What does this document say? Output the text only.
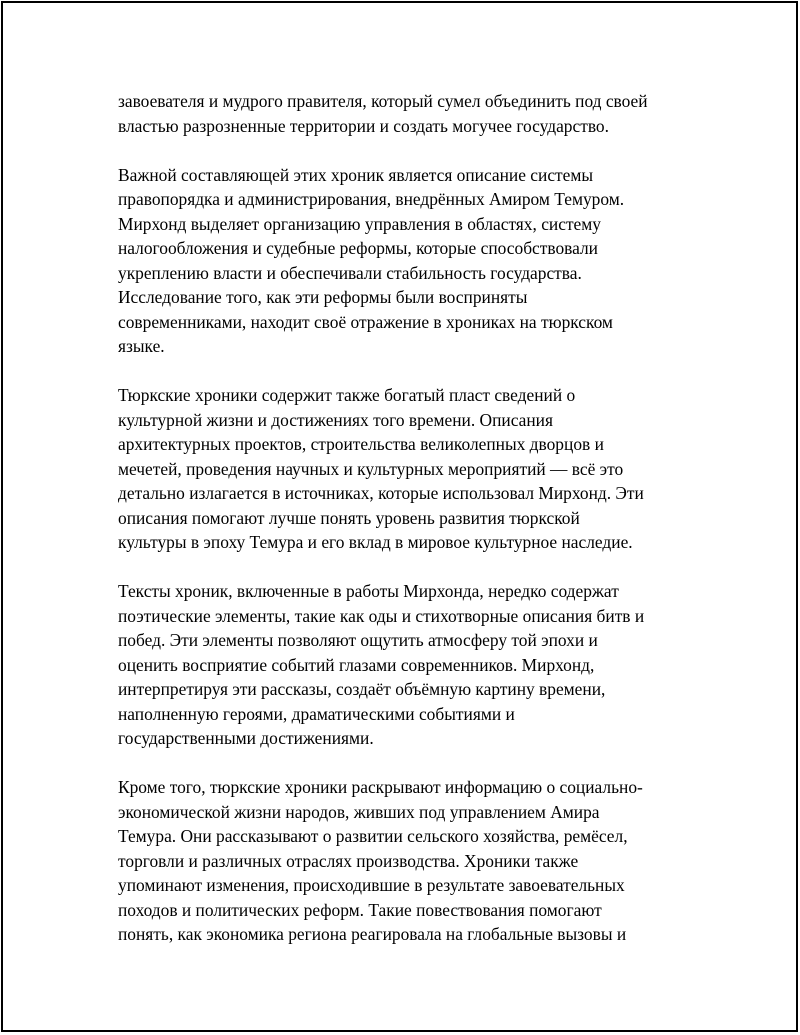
завоевателя и мудрого правителя, который сумел объединить под своей
властью разрозненные территории и создать могучее государство.

Важной составляющей этих хроник является описание системы
правопорядка и администрирования, внедрённых Амиром Темуром.
Мирхонд выделяет организацию управления в областях, систему
налогообложения и судебные реформы, которые способствовали
укреплению власти и обеспечивали стабильность государства.
Исследование того, как эти реформы были восприняты
современниками, находит своё отражение в хрониках на тюркском
языке.

Тюркские хроники содержит также богатый пласт сведений о
культурной жизни и достижениях того времени. Описания
архитектурных проектов, строительства великолепных дворцов и
мечетей, проведения научных и культурных мероприятий — всё это
детально излагается в источниках, которые использовал Мирхонд. Эти
описания помогают лучше понять уровень развития тюркской
культуры в эпоху Темура и его вклад в мировое культурное наследие.

Тексты хроник, включенные в работы Мирхонда, нередко содержат
поэтические элементы, такие как оды и стихотворные описания битв и
побед. Эти элементы позволяют ощутить атмосферу той эпохи и
оценить восприятие событий глазами современников. Мирхонд,
интерпретируя эти рассказы, создаёт объёмную картину времени,
наполненную героями, драматическими событиями и
государственными достижениями.

Кроме того, тюркские хроники раскрывают информацию о социально-
экономической жизни народов, живших под управлением Амира
Темура. Они рассказывают о развитии сельского хозяйства, ремёсел,
торговли и различных отраслях производства. Хроники также
упоминают изменения, происходившие в результате завоевательных
походов и политических реформ. Такие повествования помогают
понять, как экономика региона реагировала на глобальные вызовы и
